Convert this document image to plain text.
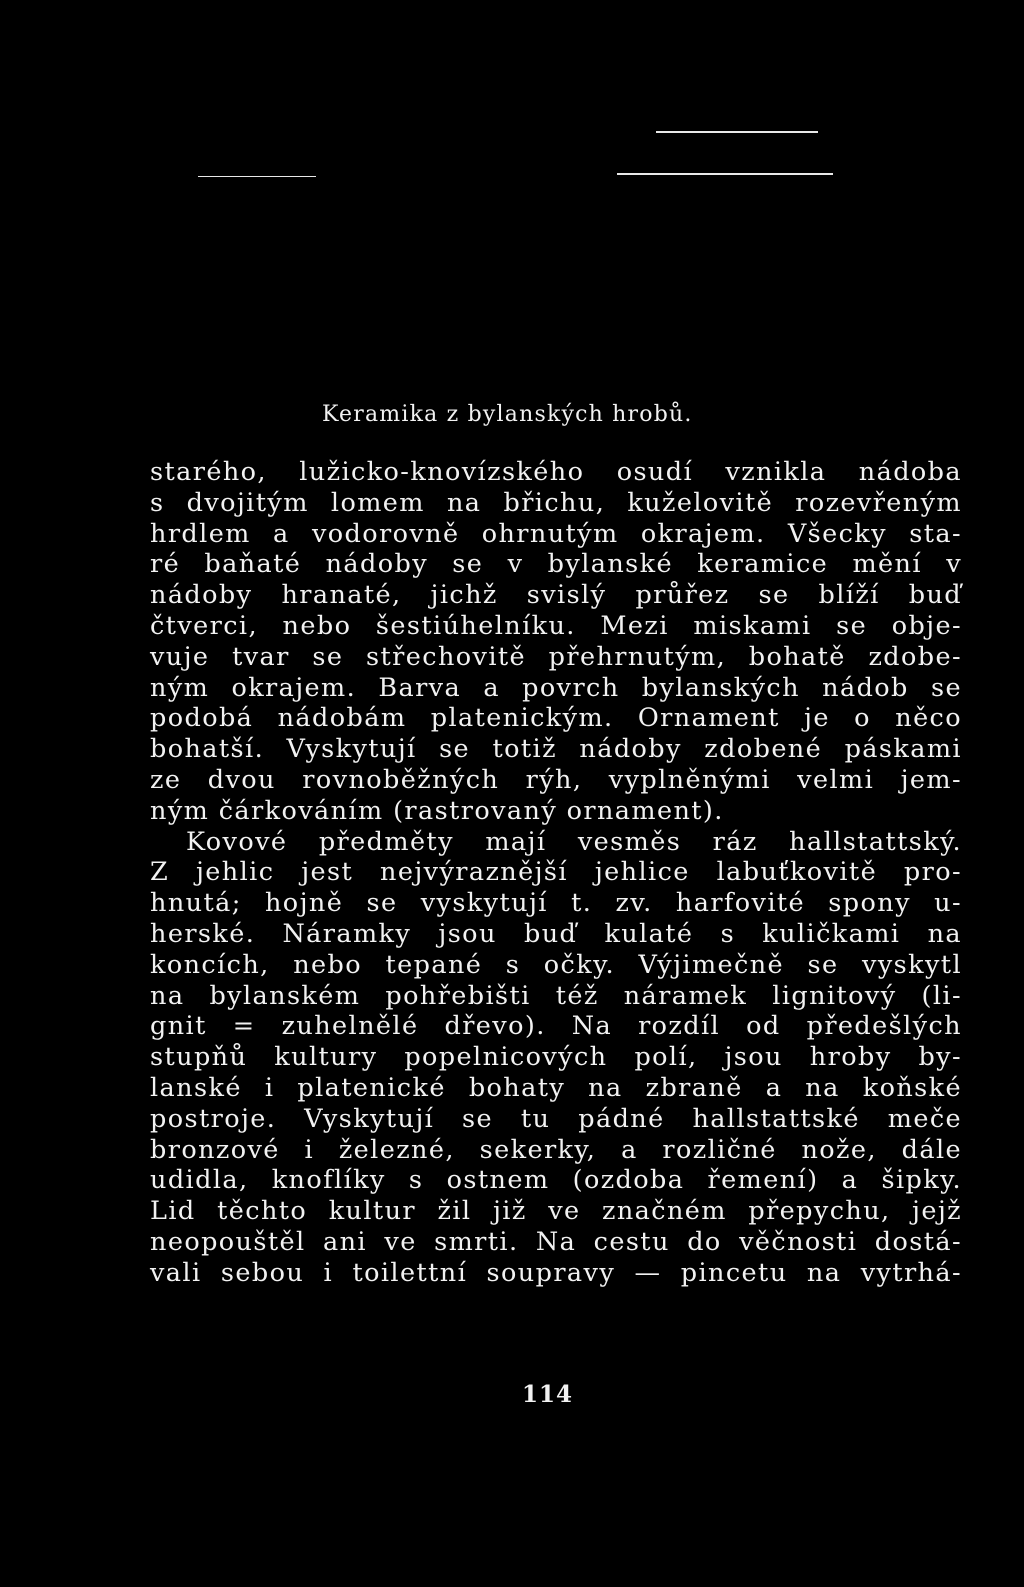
Keramika z bylanských hrobů.
starého, lužicko-knovízského osudí vznikla nádoba
s dvojitým lomem na břichu, kuželovitě rozevřeným
hrdlem a vodorovně ohrnutým okrajem. Všecky sta-
ré baňaté nádoby se v bylanské keramice mění v
nádoby hranaté, jichž svislý průřez se blíží buď
čtverci, nebo šestiúhelníku. Mezi miskami se obje-
vuje tvar se střechovitě přehrnutým, bohatě zdobe-
ným okrajem. Barva a povrch bylanských nádob se
podobá nádobám platenickým. Ornament je o něco
bohatší. Vyskytují se totiž nádoby zdobené páskami
ze dvou rovnoběžných rýh, vyplněnými velmi jem-
ným čárkováním (rastrovaný ornament).
Kovové předměty mají vesměs ráz hallstattský.
Z jehlic jest nejvýraznější jehlice labuťkovitě pro-
hnutá; hojně se vyskytují t. zv. harfovité spony u-
herské. Náramky jsou buď kulaté s kuličkami na
koncích, nebo tepané s očky. Výjimečně se vyskytl
na bylanském pohřebišti též náramek lignitový (li-
gnit = zuhelnělé dřevo). Na rozdíl od předešlých
stupňů kultury popelnicových polí, jsou hroby by-
lanské i platenické bohaty na zbraně a na koňské
postroje. Vyskytují se tu pádné hallstattské meče
bronzové i železné, sekerky, a rozličné nože, dále
udidla, knoflíky s ostnem (ozdoba řemení) a šipky.
Lid těchto kultur žil již ve značném přepychu, jejž
neopouštěl ani ve smrti. Na cestu do věčnosti dostá-
vali sebou i toilettní soupravy — pincetu na vytrhá-
114
